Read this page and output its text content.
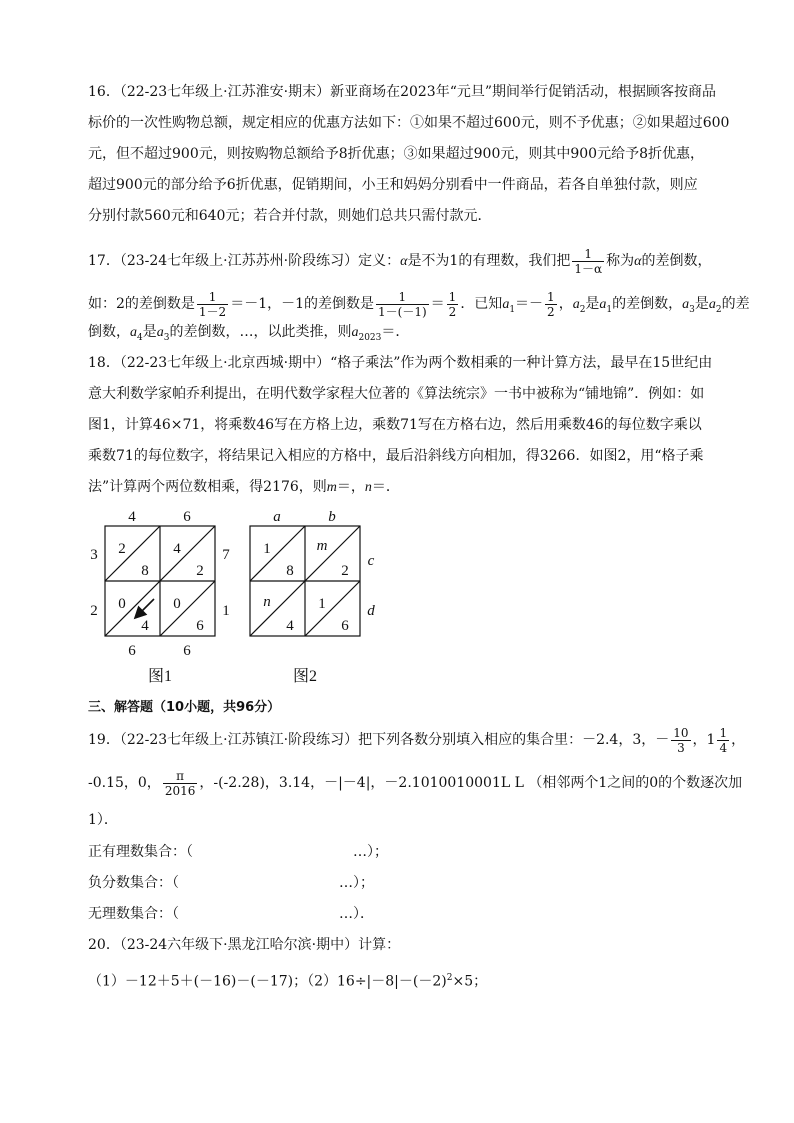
16．（22-23七年级上·江苏淮安·期末）新亚商场在2023年“元旦”期间举行促销活动，根据顾客按商品
标价的一次性购物总额，规定相应的优惠方法如下：①如果不超过600元，则不予优惠；②如果超过600
元，但不超过900元，则按购物总额给予8折优惠；③如果超过900元，则其中900元给予8折优惠，
超过900元的部分给予6折优惠，促销期间，小王和妈妈分别看中一件商品，若各自单独付款，则应
分别付款560元和640元；若合并付款，则她们总共只需付款元．
17．（23-24七年级上·江苏苏州·阶段练习）定义：α是不为1的有理数，我们把 $\frac{1}{1-\alpha}$ 称为α的差倒数，
如：2的差倒数是 $\frac{1}{1-2} =-1$，－1的差倒数是 $\frac{1}{1-(-1)} = \frac{1}{2}$ ．已知$a_1=- \frac{1}{2}$ ，$a_2$是$a_1$的差倒数，$a_3$是$a_2$的差
倒数，$a_4$是$a_3$的差倒数，…，以此类推，则$a_{2023}=$．
18．（22-23七年级上·北京西城·期中）“格子乘法”作为两个数相乘的一种计算方法，最早在15世纪由
意大利数学家帕乔利提出，在明代数学家程大位著的《算法统宗》一书中被称为“铺地锦”．例如：如
图1，计算46×71，将乘数46写在方格上边，乘数71写在方格右边，然后用乘数46的每位数字乘以
乘数71的每位数字，将结果记入相应的方格中，最后沿斜线方向相加，得3266．如图2，用“格子乘
法”计算两个两位数相乘，得2176，则m＝，n＝．
4	6
3
2
7
1
6	6
2
8
4
2
0
4
0
6
图1
a	b
c
d
1
8
m
2
n
4
1
6
图2
三、解答题（10小题，共96分）
19．（22-23七年级上·江苏镇江·阶段练习）把下列各数分别填入相应的集合里：－2.4，3，－ $\frac{10}{3}$ ，$1 \frac{1}{4}$ ，
-0.15，0， $\frac{\pi}{2016}$ ，-(-2.28)，3.14，－|－4|，－2.1010010001L L （相邻两个1之间的0的个数逐次加
1）．
正有理数集合：（	…）；
负分数集合：（	…）；
无理数集合：（	…）．
20．（23-24六年级下·黑龙江哈尔滨·期中）计算：
（1）－12＋5＋(－16)－(－17)；$(2)16\div|-8|-(-2)^2\times 5$；
